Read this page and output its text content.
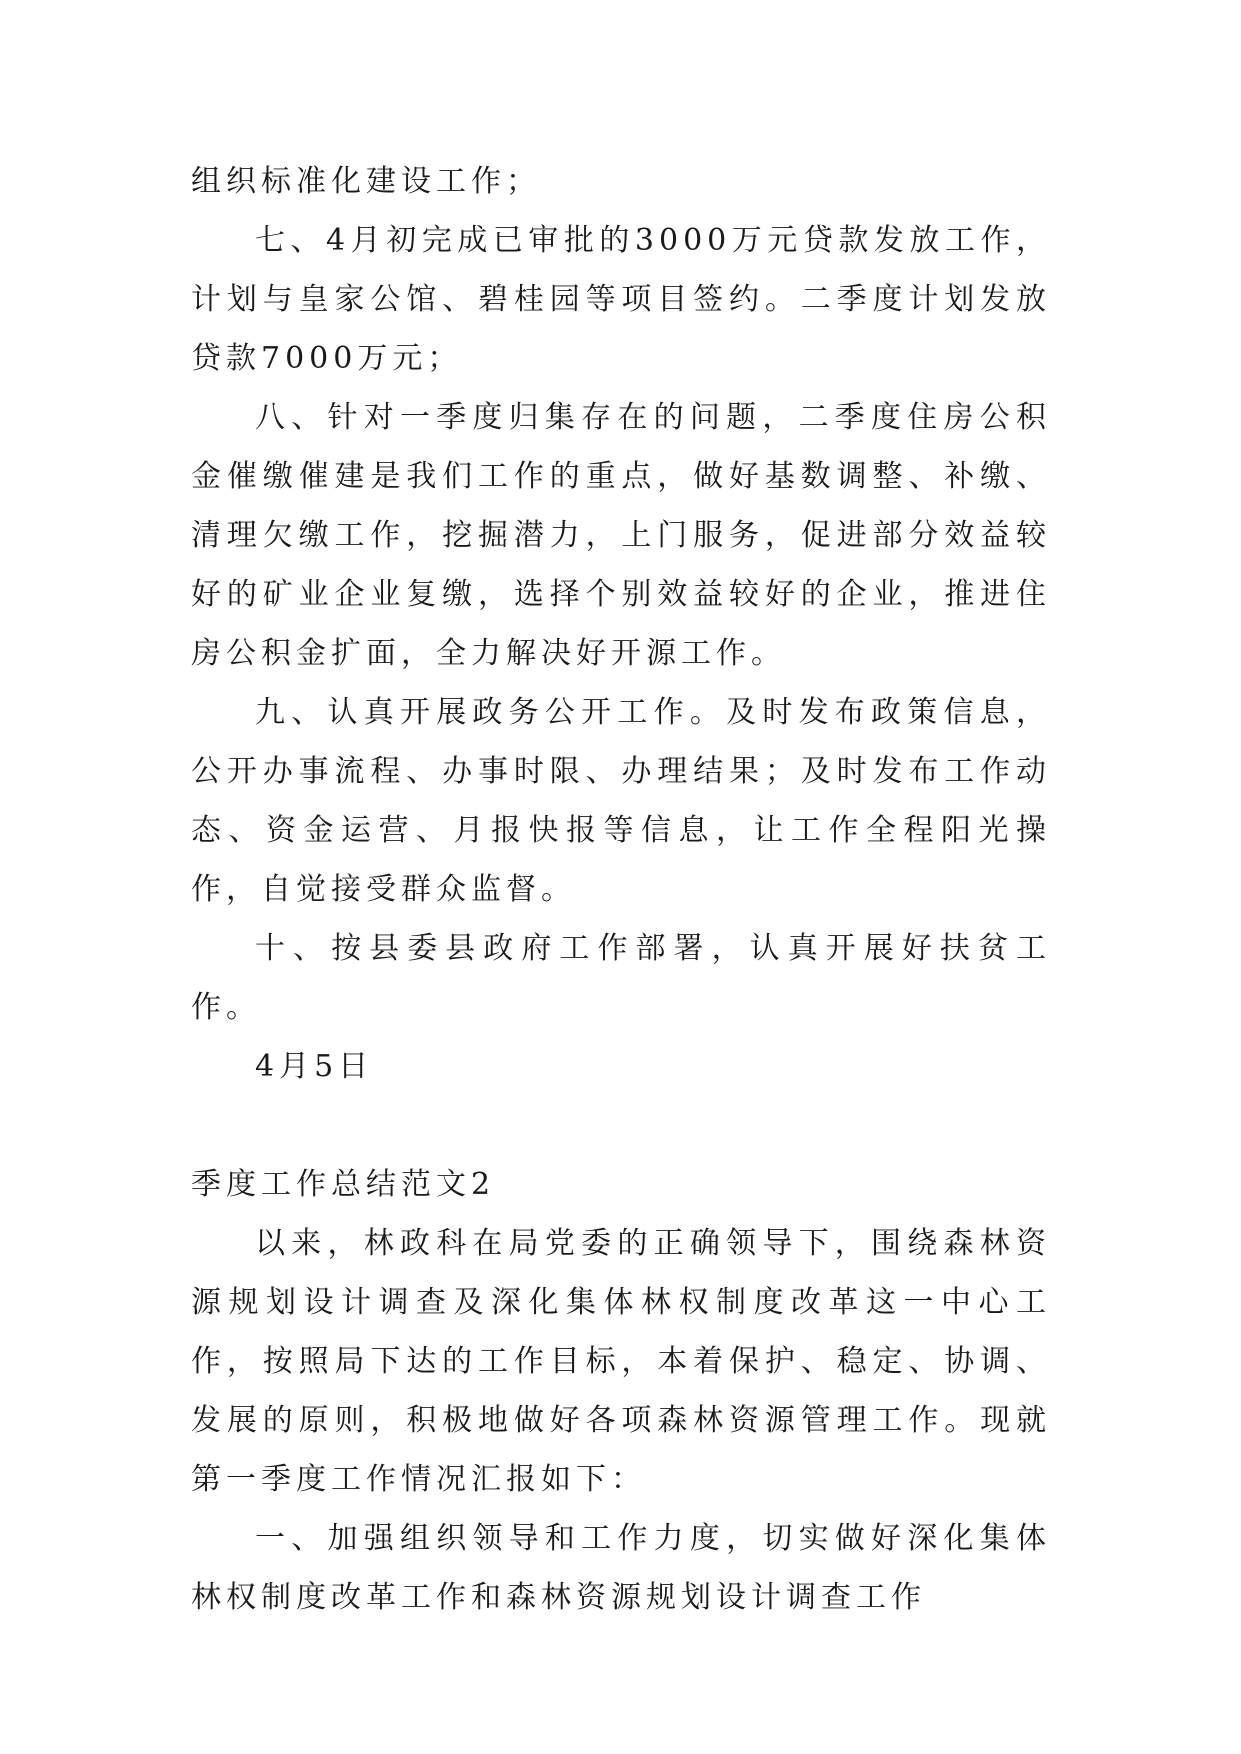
组织标准化建设工作；

七、4月初完成已审批的3000万元贷款发放工作，计划与皇家公馆、碧桂园等项目签约。二季度计划发放贷款7000万元；

八、针对一季度归集存在的问题，二季度住房公积金催缴催建是我们工作的重点，做好基数调整、补缴、清理欠缴工作，挖掘潜力，上门服务，促进部分效益较好的矿业企业复缴，选择个别效益较好的企业，推进住房公积金扩面，全力解决好开源工作。

九、认真开展政务公开工作。及时发布政策信息，公开办事流程、办事时限、办理结果；及时发布工作动态、资金运营、月报快报等信息，让工作全程阳光操作，自觉接受群众监督。

十、按县委县政府工作部署，认真开展好扶贫工作。

4月5日

季度工作总结范文2

以来，林政科在局党委的正确领导下，围绕森林资源规划设计调查及深化集体林权制度改革这一中心工作，按照局下达的工作目标，本着保护、稳定、协调、发展的原则，积极地做好各项森林资源管理工作。现就第一季度工作情况汇报如下：

一、加强组织领导和工作力度，切实做好深化集体林权制度改革工作和森林资源规划设计调查工作
